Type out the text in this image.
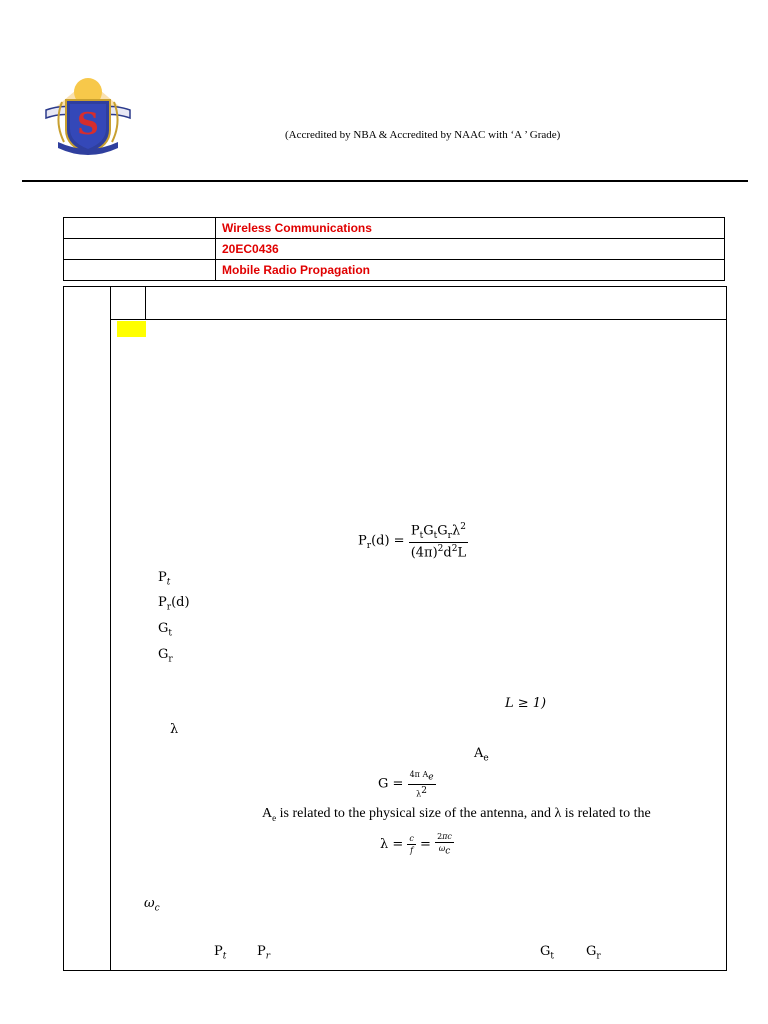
S	(Accredited by NBA & Accredited by NAAC with ‘A ’ Grade)
	Wireless Communications
	20EC0436
	Mobile Radio Propagation
$P_r(d) = \frac{P_tG_tG_r\lambda^2}{(4\pi)^2d^2L}$
$P_t$
$P_r(d)$
$G_t$
$G_r$
L ≥ 1)
λ
$A_e$
$G = \frac{4\pi A_e}{\lambda^2}$
$A_e$ is related to the physical size of the antenna, and λ is related to the
$\lambda = \frac{c}{f} = \frac{2\pi c}{\omega_c}$
$\omega_c$
$P_t$ $P_r$	$G_t$ $G_r$
